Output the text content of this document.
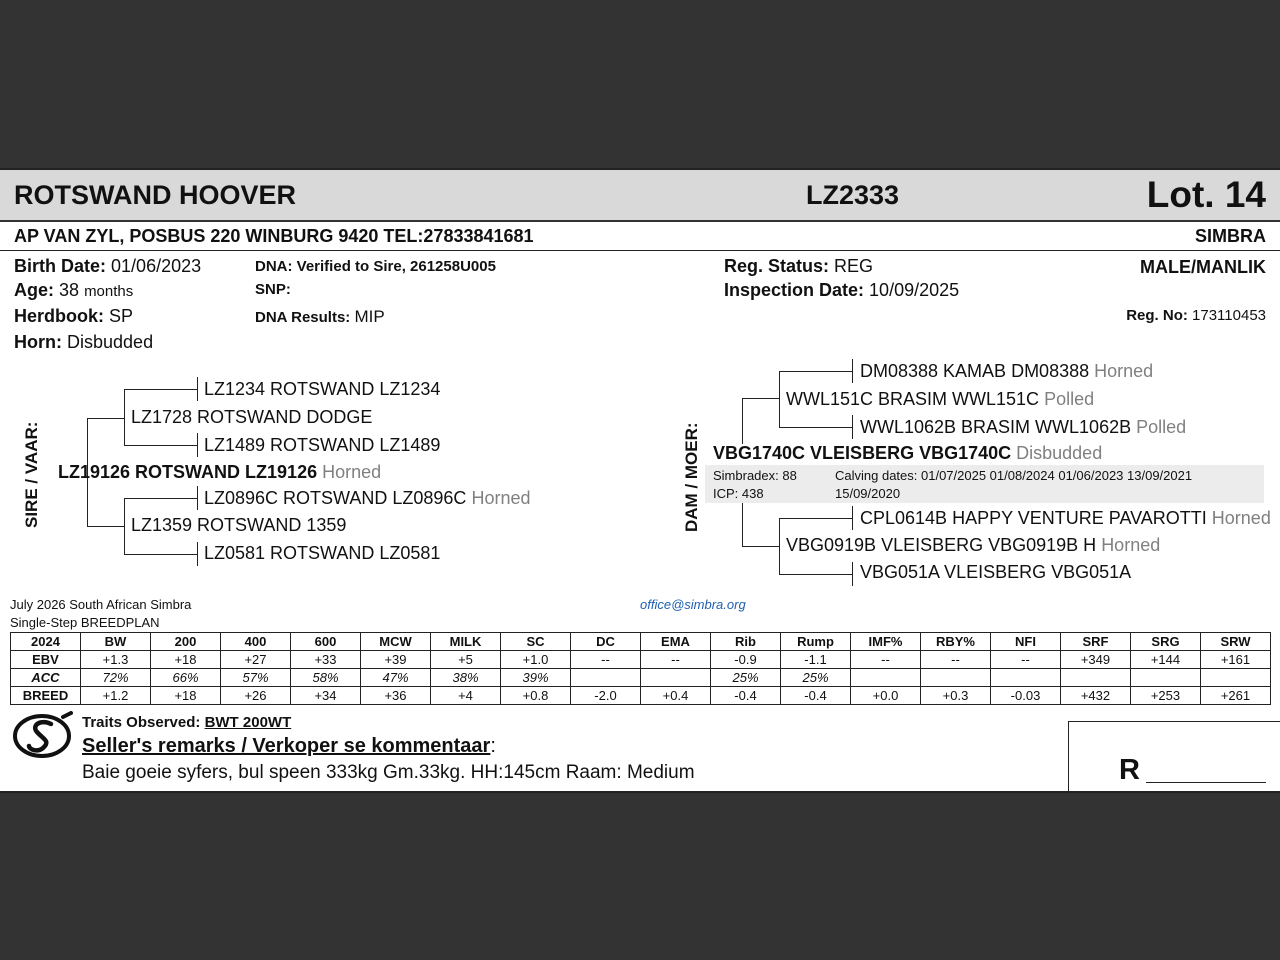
ROTSWAND HOOVER	LZ2333	Lot. 14
AP VAN ZYL, POSBUS 220 WINBURG 9420 TEL:27833841681	SIMBRA
Birth Date: 01/06/2023
Age: 38 months
Herdbook: SP
Horn: Disbudded
DNA: Verified to Sire, 261258U005
SNP:
DNA Results: MIP
Reg. Status: REG
Inspection Date: 10/09/2025
MALE/MANLIK
Reg. No: 173110453
SIRE / VAAR:
LZ1234 ROTSWAND LZ1234
LZ1728 ROTSWAND DODGE
LZ1489 ROTSWAND LZ1489
LZ19126 ROTSWAND LZ19126 Horned
LZ0896C ROTSWAND LZ0896C Horned
LZ1359 ROTSWAND 1359
LZ0581 ROTSWAND LZ0581
DAM / MOER:
DM08388 KAMAB DM08388 Horned
WWL151C BRASIM WWL151C Polled
WWL1062B BRASIM WWL1062B Polled
VBG1740C VLEISBERG VBG1740C Disbudded
Simbradex: 88
ICP: 438
Calving dates: 01/07/2025 01/08/2024 01/06/2023 13/09/2021
15/09/2020
CPL0614B HAPPY VENTURE PAVAROTTI Horned
VBG0919B VLEISBERG VBG0919B H Horned
VBG051A VLEISBERG VBG051A
July 2026 South African Simbra
Single-Step BREEDPLAN
office@simbra.org
2024	BW	200	400	600	MCW	MILK	SC	DC	EMA	Rib	Rump	IMF%	RBY%	NFI	SRF	SRG	SRW
EBV	+1.3	+18	+27	+33	+39	+5	+1.0	--	--	-0.9	-1.1	--	--	--	+349	+144	+161
ACC	72%	66%	57%	58%	47%	38%	39%			25%	25%						
BREED	+1.2	+18	+26	+34	+36	+4	+0.8	-2.0	+0.4	-0.4	-0.4	+0.0	+0.3	-0.03	+432	+253	+261
Traits Observed: BWT 200WT
Seller's remarks / Verkoper se kommentaar:
Baie goeie syfers, bul speen 333kg Gm.33kg. HH:145cm Raam: Medium	R
